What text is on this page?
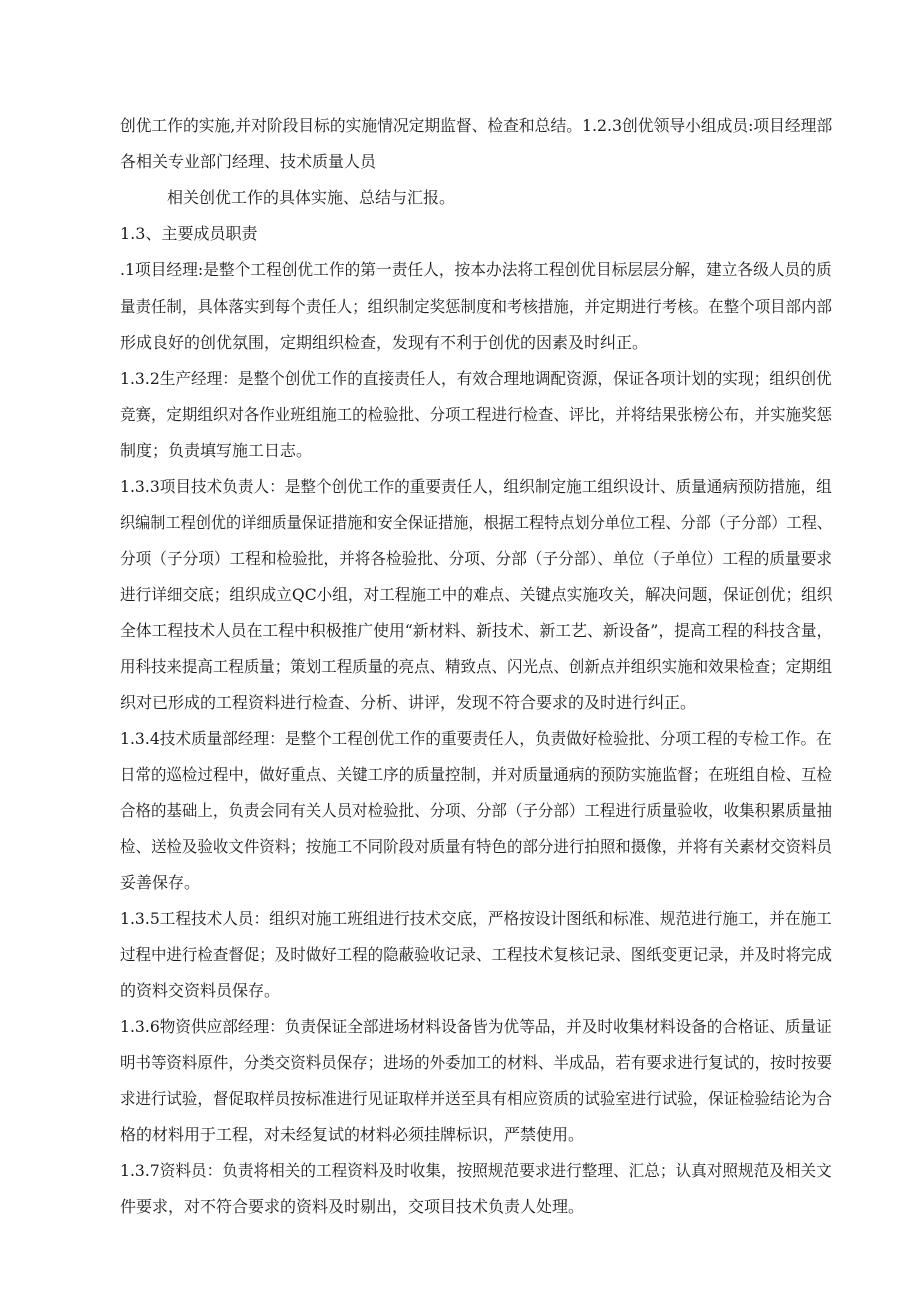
创优工作的实施,并对阶段目标的实施情况定期监督、检查和总结。1.2.3创优领导小组成员:项目经理部
各相关专业部门经理、技术质量人员
相关创优工作的具体实施、总结与汇报。
1.3、主要成员职责
.1项目经理:是整个工程创优工作的第一责任人，按本办法将工程创优目标层层分解，建立各级人员的质
量责任制，具体落实到每个责任人；组织制定奖惩制度和考核措施，并定期进行考核。在整个项目部内部
形成良好的创优氛围，定期组织检查，发现有不利于创优的因素及时纠正。
1.3.2生产经理：是整个创优工作的直接责任人，有效合理地调配资源，保证各项计划的实现；组织创优
竞赛，定期组织对各作业班组施工的检验批、分项工程进行检查、评比，并将结果张榜公布，并实施奖惩
制度；负责填写施工日志。
1.3.3项目技术负责人：是整个创优工作的重要责任人，组织制定施工组织设计、质量通病预防措施，组
织编制工程创优的详细质量保证措施和安全保证措施，根据工程特点划分单位工程、分部（子分部）工程、
分项（子分项）工程和检验批，并将各检验批、分项、分部（子分部）、单位（子单位）工程的质量要求
进行详细交底；组织成立QC小组，对工程施工中的难点、关键点实施攻关，解决问题，保证创优；组织
全体工程技术人员在工程中积极推广使用“新材料、新技术、新工艺、新设备”，提高工程的科技含量，
用科技来提高工程质量；策划工程质量的亮点、精致点、闪光点、创新点并组织实施和效果检查；定期组
织对已形成的工程资料进行检查、分析、讲评，发现不符合要求的及时进行纠正。
1.3.4技术质量部经理：是整个工程创优工作的重要责任人，负责做好检验批、分项工程的专检工作。在
日常的巡检过程中，做好重点、关键工序的质量控制，并对质量通病的预防实施监督；在班组自检、互检
合格的基础上，负责会同有关人员对检验批、分项、分部（子分部）工程进行质量验收，收集积累质量抽
检、送检及验收文件资料；按施工不同阶段对质量有特色的部分进行拍照和摄像，并将有关素材交资料员
妥善保存。
1.3.5工程技术人员：组织对施工班组进行技术交底，严格按设计图纸和标准、规范进行施工，并在施工
过程中进行检查督促；及时做好工程的隐蔽验收记录、工程技术复核记录、图纸变更记录，并及时将完成
的资料交资料员保存。
1.3.6物资供应部经理：负责保证全部进场材料设备皆为优等品，并及时收集材料设备的合格证、质量证
明书等资料原件，分类交资料员保存；进场的外委加工的材料、半成品，若有要求进行复试的，按时按要
求进行试验，督促取样员按标准进行见证取样并送至具有相应资质的试验室进行试验，保证检验结论为合
格的材料用于工程，对未经复试的材料必须挂牌标识，严禁使用。
1.3.7资料员：负责将相关的工程资料及时收集，按照规范要求进行整理、汇总；认真对照规范及相关文
件要求，对不符合要求的资料及时剔出，交项目技术负责人处理。
